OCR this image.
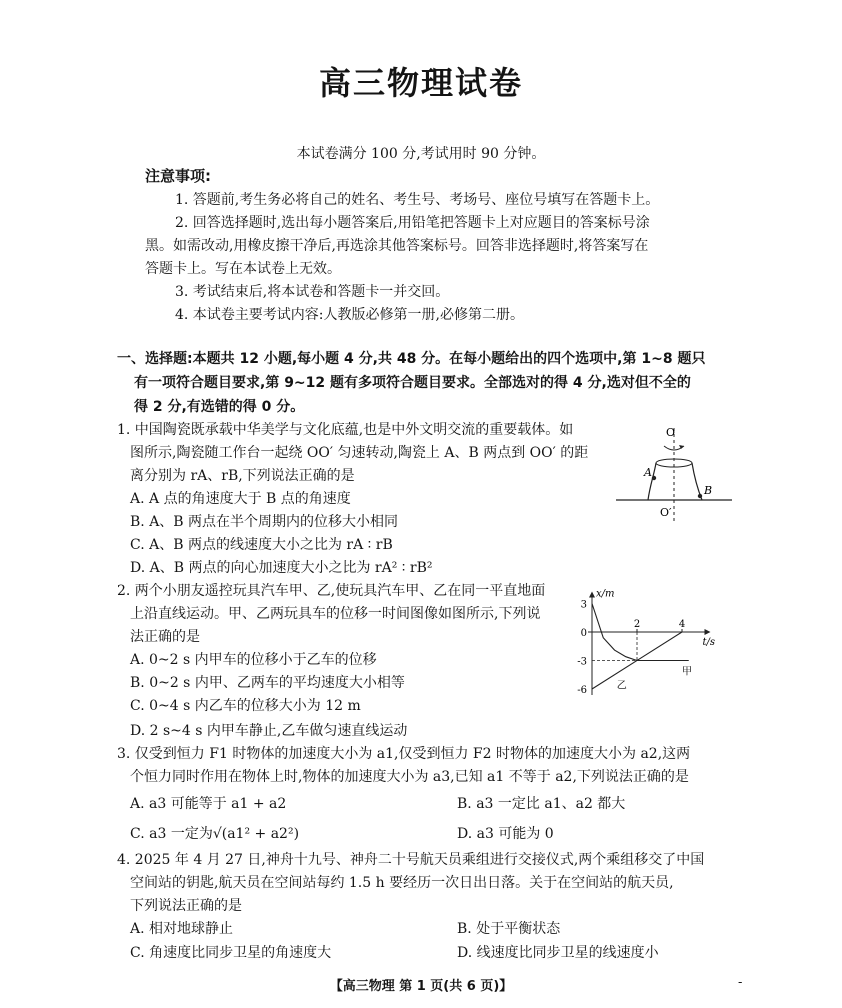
高三物理试卷
本试卷满分 100 分,考试用时 90 分钟。
注意事项:
1. 答题前,考生务必将自己的姓名、考生号、考场号、座位号填写在答题卡上。
2. 回答选择题时,选出每小题答案后,用铅笔把答题卡上对应题目的答案标号涂
黑。如需改动,用橡皮擦干净后,再选涂其他答案标号。回答非选择题时,将答案写在
答题卡上。写在本试卷上无效。
3. 考试结束后,将本试卷和答题卡一并交回。
4. 本试卷主要考试内容:人教版必修第一册,必修第二册。
一、选择题:本题共 12 小题,每小题 4 分,共 48 分。在每小题给出的四个选项中,第 1~8 题只
有一项符合题目要求,第 9~12 题有多项符合题目要求。全部选对的得 4 分,选对但不全的
得 2 分,有选错的得 0 分。
1. 中国陶瓷既承载中华美学与文化底蕴,也是中外文明交流的重要载体。如
图所示,陶瓷随工作台一起绕 OO′ 匀速转动,陶瓷上 A、B 两点到 OO′ 的距
离分别为 rA、rB,下列说法正确的是
A. A 点的角速度大于 B 点的角速度
B. A、B 两点在半个周期内的位移大小相同
C. A、B 两点的线速度大小之比为 rA ∶ rB
D. A、B 两点的向心加速度大小之比为 rA² ∶ rB²
O
O′
A
B
2. 两个小朋友遥控玩具汽车甲、乙,使玩具汽车甲、乙在同一平直地面
上沿直线运动。甲、乙两玩具车的位移一时间图像如图所示,下列说
法正确的是
A. 0~2 s 内甲车的位移小于乙车的位移
B. 0~2 s 内甲、乙两车的平均速度大小相等
C. 0~4 s 内乙车的位移大小为 12 m
D. 2 s~4 s 内甲车静止,乙车做匀速直线运动
3
0
-3
-6
2	4
x/m
t/s
甲
乙
3. 仅受到恒力 F1 时物体的加速度大小为 a1,仅受到恒力 F2 时物体的加速度大小为 a2,这两
个恒力同时作用在物体上时,物体的加速度大小为 a3,已知 a1 不等于 a2,下列说法正确的是
A. a3 可能等于 a1 + a2	B. a3 一定比 a1、a2 都大
C. a3 一定为√(a1² + a2²)	D. a3 可能为 0
4. 2025 年 4 月 27 日,神舟十九号、神舟二十号航天员乘组进行交接仪式,两个乘组移交了中国
空间站的钥匙,航天员在空间站每约 1.5 h 要经历一次日出日落。关于在空间站的航天员,
下列说法正确的是
A. 相对地球静止	B. 处于平衡状态
C. 角速度比同步卫星的角速度大	D. 线速度比同步卫星的线速度小
【高三物理 第 1 页(共 6 页)】	-
